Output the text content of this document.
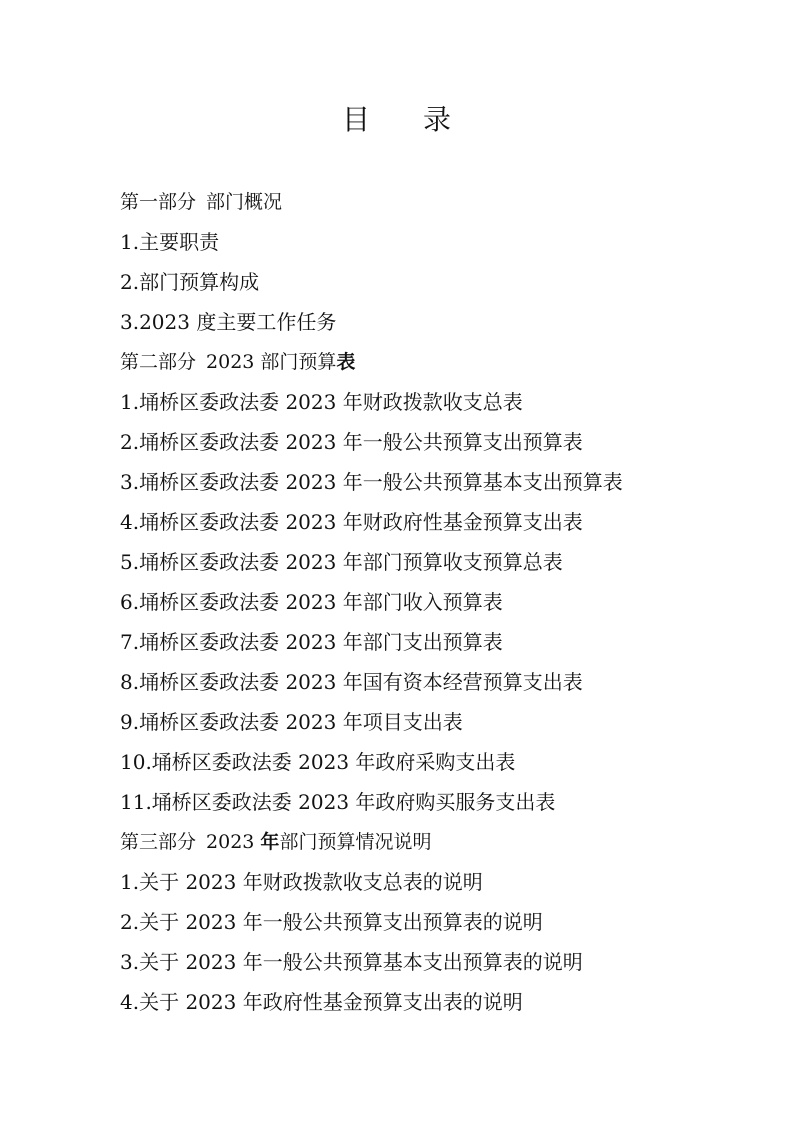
目 录
第一部分 部门概况
1.主要职责
2.部门预算构成
3.2023 度主要工作任务
第二部分 2023 部门预算表
1.埇桥区委政法委 2023 年财政拨款收支总表
2.埇桥区委政法委 2023 年一般公共预算支出预算表
3.埇桥区委政法委 2023 年一般公共预算基本支出预算表
4.埇桥区委政法委 2023 年财政府性基金预算支出表
5.埇桥区委政法委 2023 年部门预算收支预算总表
6.埇桥区委政法委 2023 年部门收入预算表
7.埇桥区委政法委 2023 年部门支出预算表
8.埇桥区委政法委 2023 年国有资本经营预算支出表
9.埇桥区委政法委 2023 年项目支出表
10.埇桥区委政法委 2023 年政府采购支出表
11.埇桥区委政法委 2023 年政府购买服务支出表
第三部分 2023 年部门预算情况说明
1.关于 2023 年财政拨款收支总表的说明
2.关于 2023 年一般公共预算支出预算表的说明
3.关于 2023 年一般公共预算基本支出预算表的说明
4.关于 2023 年政府性基金预算支出表的说明
